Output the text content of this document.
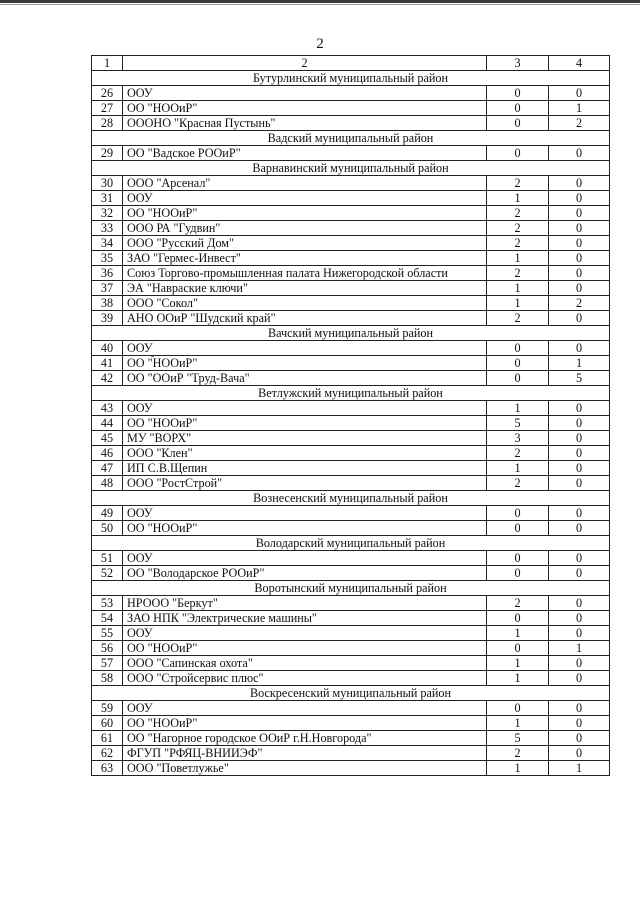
2
1	2	3	4
Бутурлинский муниципальный район			
26	ООУ	0	0
27	ОО "НООиР"	0	1
28	ОООНО "Красная Пустынь"	0	2
Вадский муниципальный район			
29	ОО "Вадское РООиР"	0	0
Варнавинский муниципальный район			
30	ООО "Арсенал"	2	0
31	ООУ	1	0
32	ОО "НООиР"	2	0
33	ООО РА "Гудвин"	2	0
34	ООО "Русский Дом"	2	0
35	ЗАО "Гермес-Инвест"	1	0
36	Союз Торгово-промышленная палата Нижегородской области	2	0
37	ЭА "Навраские ключи"	1	0
38	ООО "Сокол"	1	2
39	АНО ООиР "Шудский край"	2	0
Вачский муниципальный район			
40	ООУ	0	0
41	ОО "НООиР"	0	1
42	ОО "ООиР "Труд-Вача"	0	5
Ветлужский муниципальный район			
43	ООУ	1	0
44	ОО "НООиР"	5	0
45	МУ "ВОРХ"	3	0
46	ООО "Клен"	2	0
47	ИП С.В.Щепин	1	0
48	ООО "РостСтрой"	2	0
Вознесенский муниципальный район			
49	ООУ	0	0
50	ОО "НООиР"	0	0
Володарский муниципальный район			
51	ООУ	0	0
52	ОО "Володарское РООиР"	0	0
Воротынский муниципальный район			
53	НРООО "Беркут"	2	0
54	ЗАО НПК "Электрические машины"	0	0
55	ООУ	1	0
56	ОО "НООиР"	0	1
57	ООО "Сапинская охота"	1	0
58	ООО "Стройсервис плюс"	1	0
Воскресенский муниципальный район			
59	ООУ	0	0
60	ОО "НООиР"	1	0
61	ОО "Нагорное городское ООиР г.Н.Новгорода"	5	0
62	ФГУП "РФЯЦ-ВНИИЭФ"	2	0
63	ООО "Поветлужье"	1	1
